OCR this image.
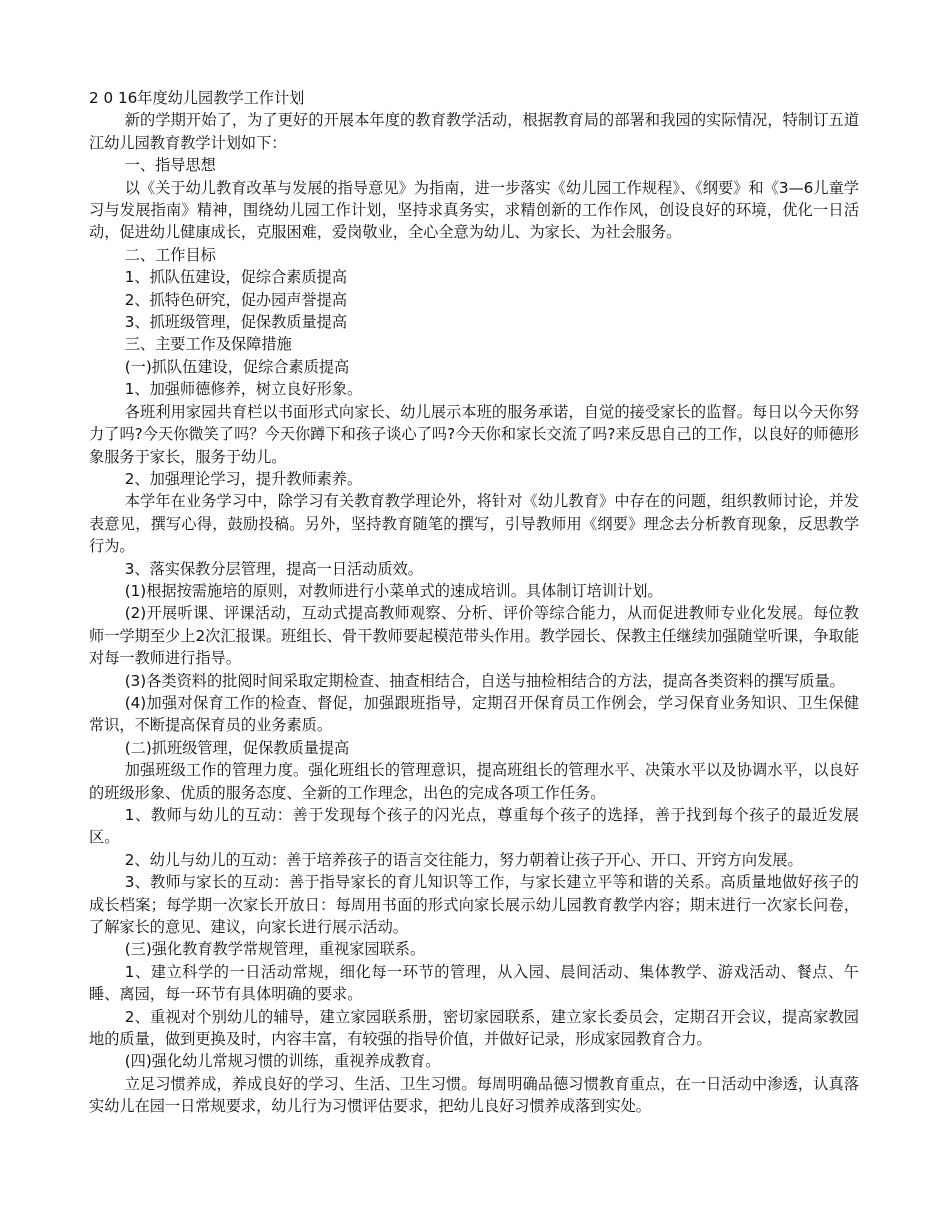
2 0 16年度幼儿园教学工作计划

新的学期开始了，为了更好的开展本年度的教育教学活动，根据教育局的部署和我园的实际情况，特制订五道江幼儿园教育教学计划如下：

一、指导思想

以《关于幼儿教育改革与发展的指导意见》为指南，进一步落实《幼儿园工作规程》、《纲要》和《3—6儿童学习与发展指南》精神，围绕幼儿园工作计划，坚持求真务实，求精创新的工作作风，创设良好的环境，优化一日活动，促进幼儿健康成长，克服困难，爱岗敬业，全心全意为幼儿、为家长、为社会服务。

二、工作目标

1、抓队伍建设，促综合素质提高

2、抓特色研究，促办园声誉提高

3、抓班级管理，促保教质量提高

三、主要工作及保障措施

(一)抓队伍建设，促综合素质提高

1、加强师德修养，树立良好形象。

各班利用家园共育栏以书面形式向家长、幼儿展示本班的服务承诺，自觉的接受家长的监督。每日以今天你努力了吗?今天你微笑了吗？今天你蹲下和孩子谈心了吗?今天你和家长交流了吗?来反思自己的工作，以良好的师德形象服务于家长，服务于幼儿。

2、加强理论学习，提升教师素养。

本学年在业务学习中，除学习有关教育教学理论外，将针对《幼儿教育》中存在的问题，组织教师讨论，并发表意见，撰写心得，鼓励投稿。另外，坚持教育随笔的撰写，引导教师用《纲要》理念去分析教育现象，反思教学行为。

3、落实保教分层管理，提高一日活动质效。

(1)根据按需施培的原则，对教师进行小菜单式的速成培训。具体制订培训计划。

(2)开展听课、评课活动，互动式提高教师观察、分析、评价等综合能力，从而促进教师专业化发展。每位教师一学期至少上2次汇报课。班组长、骨干教师要起模范带头作用。教学园长、保教主任继续加强随堂听课，争取能对每一教师进行指导。

(3)各类资料的批阅时间采取定期检查、抽查相结合，自送与抽检相结合的方法，提高各类资料的撰写质量。

(4)加强对保育工作的检查、督促，加强跟班指导，定期召开保育员工作例会，学习保育业务知识、卫生保健常识，不断提高保育员的业务素质。

(二)抓班级管理，促保教质量提高

加强班级工作的管理力度。强化班组长的管理意识，提高班组长的管理水平、决策水平以及协调水平，以良好的班级形象、优质的服务态度、全新的工作理念，出色的完成各项工作任务。

1、教师与幼儿的互动：善于发现每个孩子的闪光点，尊重每个孩子的选择，善于找到每个孩子的最近发展区。

2、幼儿与幼儿的互动：善于培养孩子的语言交往能力，努力朝着让孩子开心、开口、开窍方向发展。

3、教师与家长的互动：善于指导家长的育儿知识等工作，与家长建立平等和谐的关系。高质量地做好孩子的成长档案；每学期一次家长开放日：每周用书面的形式向家长展示幼儿园教育教学内容；期末进行一次家长问卷，了解家长的意见、建议，向家长进行展示活动。

(三)强化教育教学常规管理，重视家园联系。

1、建立科学的一日活动常规，细化每一环节的管理，从入园、晨间活动、集体教学、游戏活动、餐点、午睡、离园，每一环节有具体明确的要求。

2、重视对个别幼儿的辅导，建立家园联系册，密切家园联系，建立家长委员会，定期召开会议，提高家教园地的质量，做到更换及时，内容丰富，有较强的指导价值，并做好记录，形成家园教育合力。

(四)强化幼儿常规习惯的训练，重视养成教育。

立足习惯养成，养成良好的学习、生活、卫生习惯。每周明确品德习惯教育重点，在一日活动中渗透，认真落实幼儿在园一日常规要求，幼儿行为习惯评估要求，把幼儿良好习惯养成落到实处。
